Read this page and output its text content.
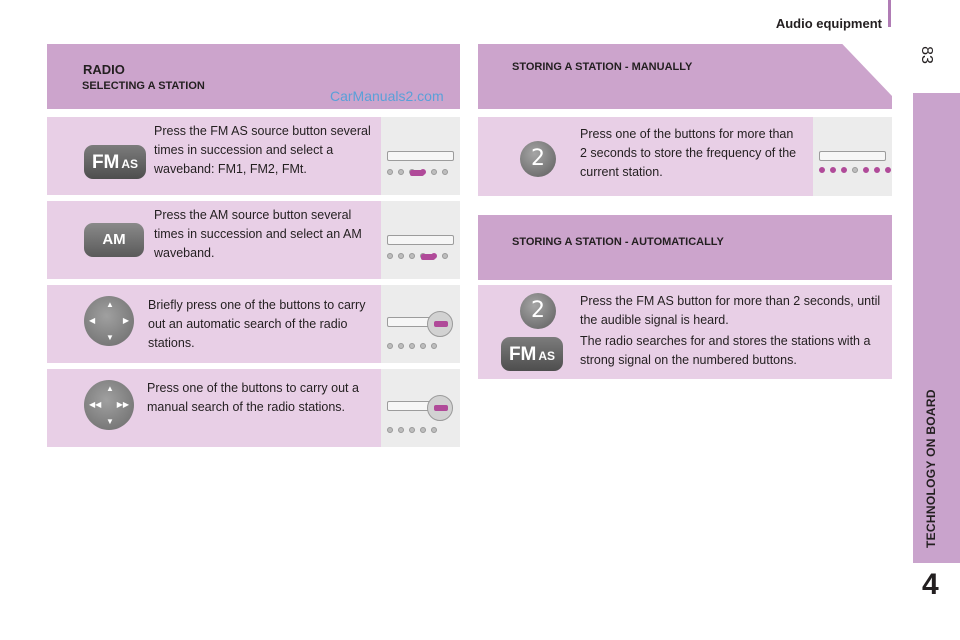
Audio equipment
83
TECHNOLOGY ON BOARD
4
RADIO
SELECTING A STATION
CarManuals2.com
STORING A STATION - MANUALLY
STORING A STATION - AUTOMATICALLY
FM AS
Press the FM AS source button several times in succession and select a waveband: FM1, FM2, FMt.
AM
Press the AM source button several times in succession and select an AM waveband.
▲
▼
◀	▶
Briefly press one of the buttons to carry out an automatic search of the radio stations.
▲
▼
◀◀ ▶▶
Press one of the buttons to carry out a manual search of the radio stations.
2
Press one of the buttons for more than 2 seconds to store the frequency of the current station.
2
FM AS

Press the FM AS button for more than 2 seconds, until the audible signal is heard.

The radio searches for and stores the stations with a strong signal on the numbered buttons.
